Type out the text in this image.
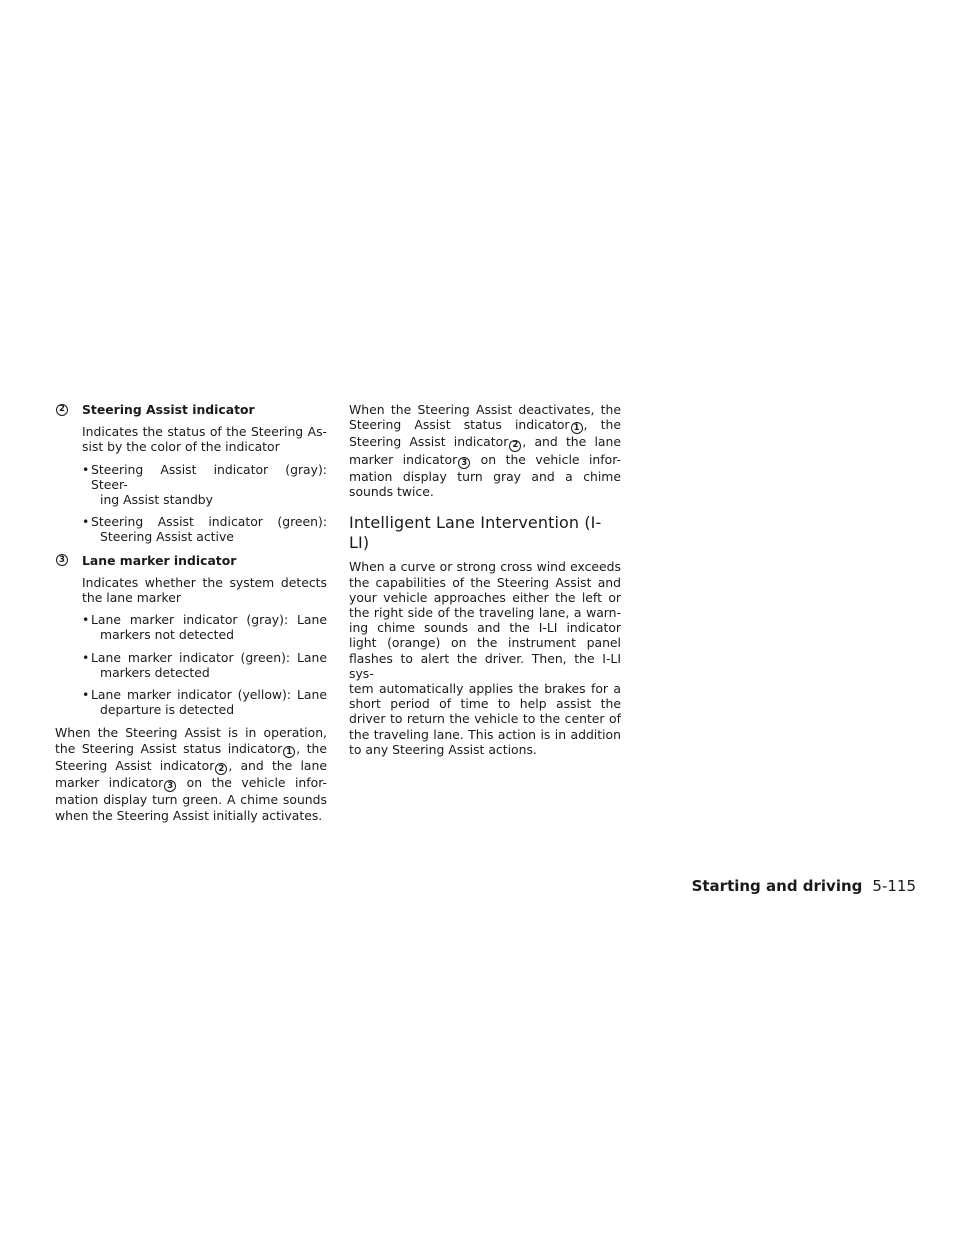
2 Steering Assist indicator
Indicates the status of the Steering As-
sist by the color of the indicator
• Steering Assist indicator (gray): Steer-
ing Assist standby
• Steering Assist indicator (green):
Steering Assist active
3 Lane marker indicator
Indicates whether the system detects
the lane marker
• Lane marker indicator (gray): Lane
markers not detected
• Lane marker indicator (green): Lane
markers detected
• Lane marker indicator (yellow): Lane
departure is detected
When the Steering Assist is in operation,
the Steering Assist status indicator 1 , the
Steering Assist indicator 2 , and the lane
marker indicator 3 on the vehicle infor-
mation display turn green. A chime sounds
when the Steering Assist initially activates.
When the Steering Assist deactivates, the
Steering Assist status indicator 1 , the
Steering Assist indicator 2 , and the lane
marker indicator 3 on the vehicle infor-
mation display turn gray and a chime
sounds twice.
Intelligent Lane Intervention (I-LI)
When a curve or strong cross wind exceeds
the capabilities of the Steering Assist and
your vehicle approaches either the left or
the right side of the traveling lane, a warn-
ing chime sounds and the I-LI indicator
light (orange) on the instrument panel
flashes to alert the driver. Then, the I-LI sys-
tem automatically applies the brakes for a
short period of time to help assist the
driver to return the vehicle to the center of
the traveling lane. This action is in addition
to any Steering Assist actions.
Starting and driving 5-115
